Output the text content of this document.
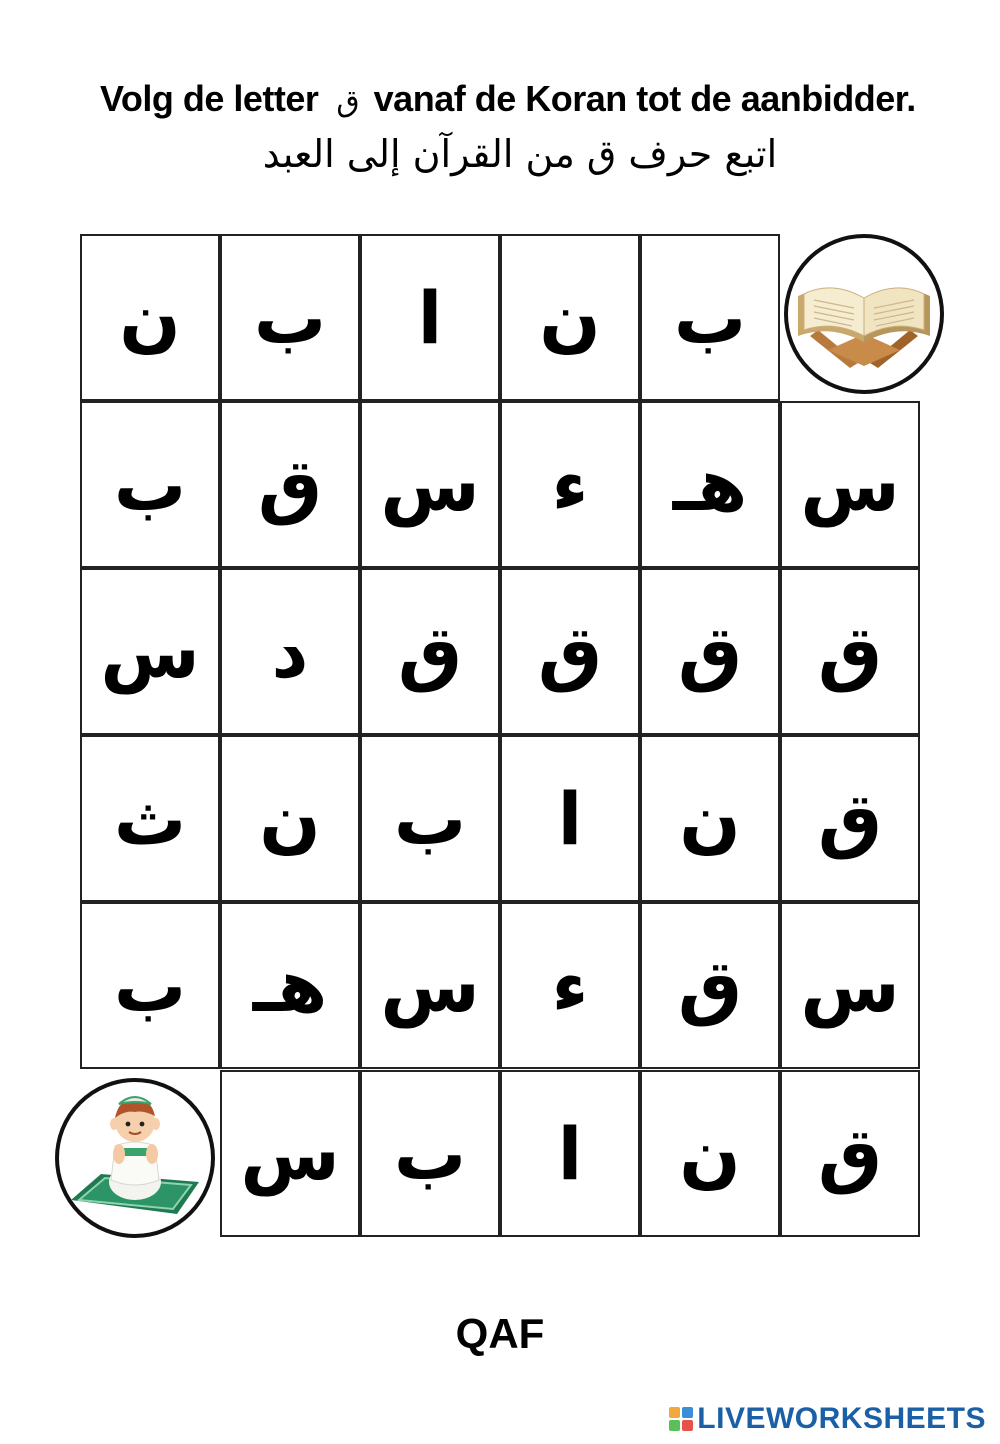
Volg de letter ق vanaf de Koran tot de aanbidder.
اتبع حرف ق من القرآن إلى العبد
ب
ن
ا
ب
ن
س
هـ
ء
س
ق
ب
ق
ق
ق
ق
د
س
ق
ن
ا
ب
ن
ث
س
ق
ء
س
هـ
ب
ق
ن
ا
ب
س
QAF
LIVEWORKSHEETS
